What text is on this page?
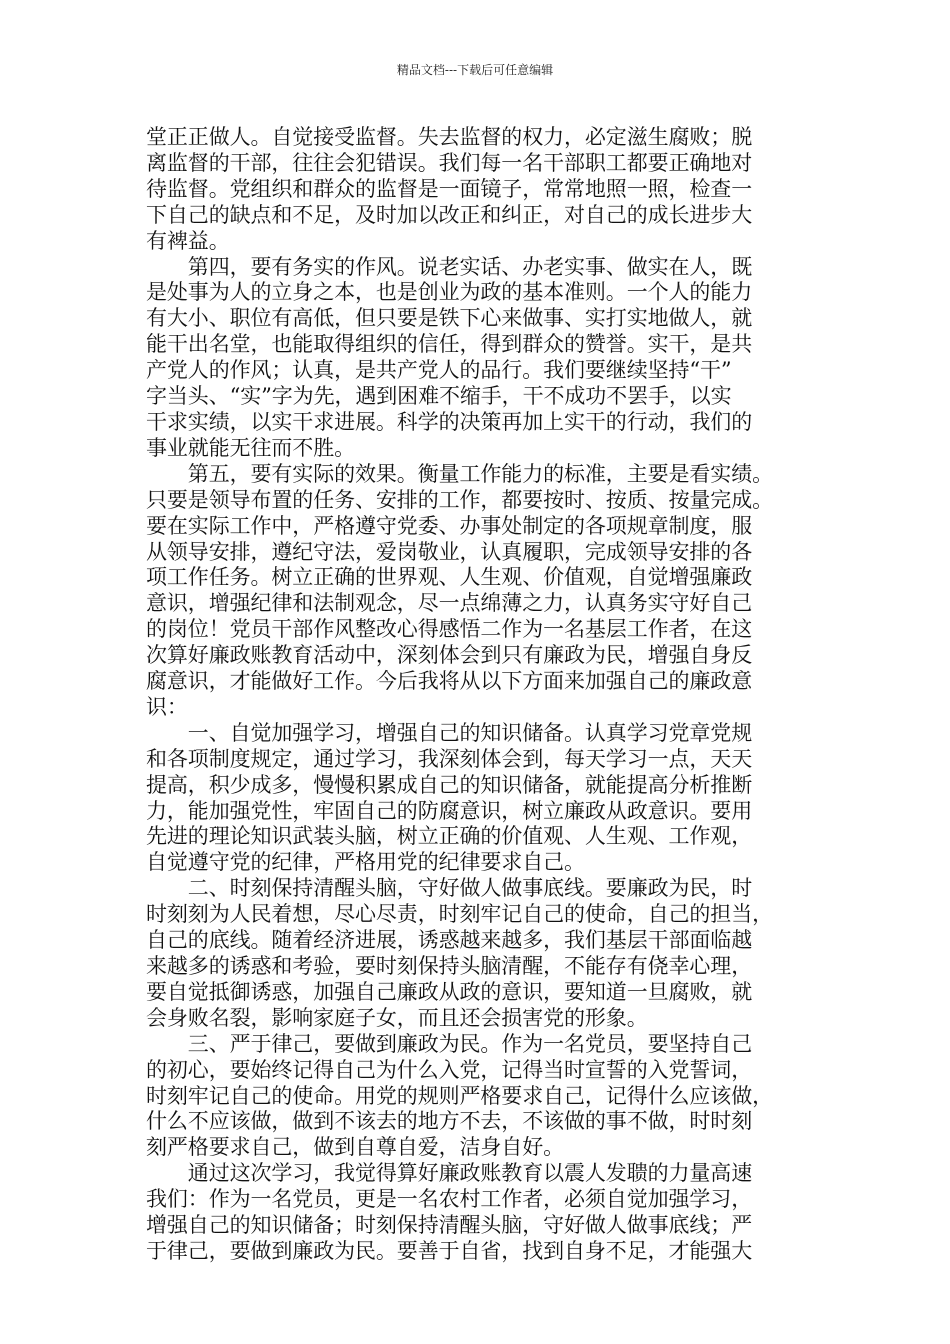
精品文档---下载后可任意编辑
堂正正做人。自觉接受监督。失去监督的权力，必定滋生腐败；脱
离监督的干部，往往会犯错误。我们每一名干部职工都要正确地对
待监督。党组织和群众的监督是一面镜子，常常地照一照，检查一
下自己的缺点和不足，及时加以改正和纠正，对自己的成长进步大
有裨益。
　　第四，要有务实的作风。说老实话、办老实事、做实在人，既
是处事为人的立身之本，也是创业为政的基本准则。一个人的能力
有大小、职位有高低，但只要是铁下心来做事、实打实地做人，就
能干出名堂，也能取得组织的信任，得到群众的赞誉。实干，是共
产党人的作风；认真，是共产党人的品行。我们要继续坚持“干”
字当头、“实”字为先，遇到困难不缩手，干不成功不罢手，以实
干求实绩，以实干求进展。科学的决策再加上实干的行动，我们的
事业就能无往而不胜。
　　第五，要有实际的效果。衡量工作能力的标准，主要是看实绩。
只要是领导布置的任务、安排的工作，都要按时、按质、按量完成。
要在实际工作中，严格遵守党委、办事处制定的各项规章制度，服
从领导安排，遵纪守法，爱岗敬业，认真履职，完成领导安排的各
项工作任务。树立正确的世界观、人生观、价值观，自觉增强廉政
意识，增强纪律和法制观念，尽一点绵薄之力，认真务实守好自己
的岗位！党员干部作风整改心得感悟二作为一名基层工作者，在这
次算好廉政账教育活动中，深刻体会到只有廉政为民，增强自身反
腐意识，才能做好工作。今后我将从以下方面来加强自己的廉政意
识：
　　一、自觉加强学习，增强自己的知识储备。认真学习党章党规
和各项制度规定，通过学习，我深刻体会到，每天学习一点，天天
提高，积少成多，慢慢积累成自己的知识储备，就能提高分析推断
力，能加强党性，牢固自己的防腐意识，树立廉政从政意识。要用
先进的理论知识武装头脑，树立正确的价值观、人生观、工作观，
自觉遵守党的纪律，严格用党的纪律要求自己。
　　二、时刻保持清醒头脑，守好做人做事底线。要廉政为民，时
时刻刻为人民着想，尽心尽责，时刻牢记自己的使命，自己的担当，
自己的底线。随着经济进展，诱惑越来越多，我们基层干部面临越
来越多的诱惑和考验，要时刻保持头脑清醒，不能存有侥幸心理，
要自觉抵御诱惑，加强自己廉政从政的意识，要知道一旦腐败，就
会身败名裂，影响家庭子女，而且还会损害党的形象。
　　三、严于律己，要做到廉政为民。作为一名党员，要坚持自己
的初心，要始终记得自己为什么入党，记得当时宣誓的入党誓词，
时刻牢记自己的使命。用党的规则严格要求自己，记得什么应该做，
什么不应该做，做到不该去的地方不去，不该做的事不做，时时刻
刻严格要求自己，做到自尊自爱，洁身自好。
　　通过这次学习，我觉得算好廉政账教育以震人发聩的力量高速
我们：作为一名党员，更是一名农村工作者，必须自觉加强学习，
增强自己的知识储备；时刻保持清醒头脑，守好做人做事底线；严
于律己，要做到廉政为民。要善于自省，找到自身不足，才能强大
